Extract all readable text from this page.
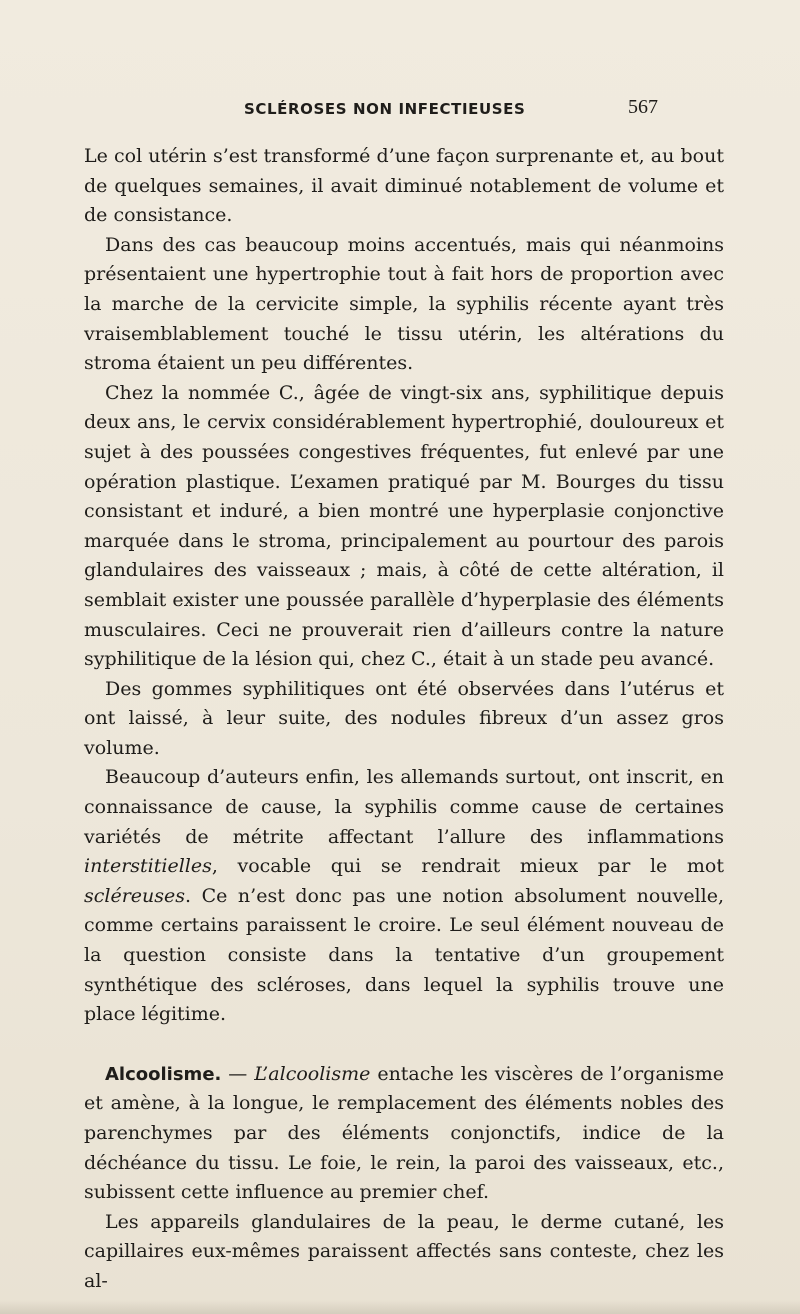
SCLÉROSES NON INFECTIEUSES	567

Le col utérin s’est transformé d’une façon surprenante et, au bout de quelques semaines, il avait diminué notablement de volume et de consistance.

Dans des cas beaucoup moins accentués, mais qui néanmoins présentaient une hypertrophie tout à fait hors de proportion avec la marche de la cervicite simple, la syphilis récente ayant très vraisemblablement touché le tissu utérin, les altérations du stroma étaient un peu différentes.

Chez la nommée C., âgée de vingt-six ans, syphilitique depuis deux ans, le cervix considérablement hypertrophié, douloureux et sujet à des poussées congestives fréquentes, fut enlevé par une opération plastique. L’examen pratiqué par M. Bourges du tissu consistant et induré, a bien montré une hyperplasie conjonctive marquée dans le stroma, principalement au pourtour des parois glandulaires des vaisseaux ; mais, à côté de cette altération, il semblait exister une poussée parallèle d’hyperplasie des éléments musculaires. Ceci ne prouverait rien d’ailleurs contre la nature syphilitique de la lésion qui, chez C., était à un stade peu avancé.

Des gommes syphilitiques ont été observées dans l’utérus et ont laissé, à leur suite, des nodules fibreux d’un assez gros volume.

Beaucoup d’auteurs enfin, les allemands surtout, ont inscrit, en connaissance de cause, la syphilis comme cause de certaines variétés de métrite affectant l’allure des inflammations interstitielles, vocable qui se rendrait mieux par le mot scléreuses. Ce n’est donc pas une notion absolument nouvelle, comme certains paraissent le croire. Le seul élément nouveau de la question consiste dans la tentative d’un groupement synthétique des scléroses, dans lequel la syphilis trouve une place légitime.

Alcoolisme. — L’alcoolisme entache les viscères de l’organisme et amène, à la longue, le remplacement des éléments nobles des parenchymes par des éléments conjonctifs, indice de la déchéance du tissu. Le foie, le rein, la paroi des vaisseaux, etc., subissent cette influence au premier chef.

Les appareils glandulaires de la peau, le derme cutané, les capillaires eux-mêmes paraissent affectés sans conteste, chez les al-
